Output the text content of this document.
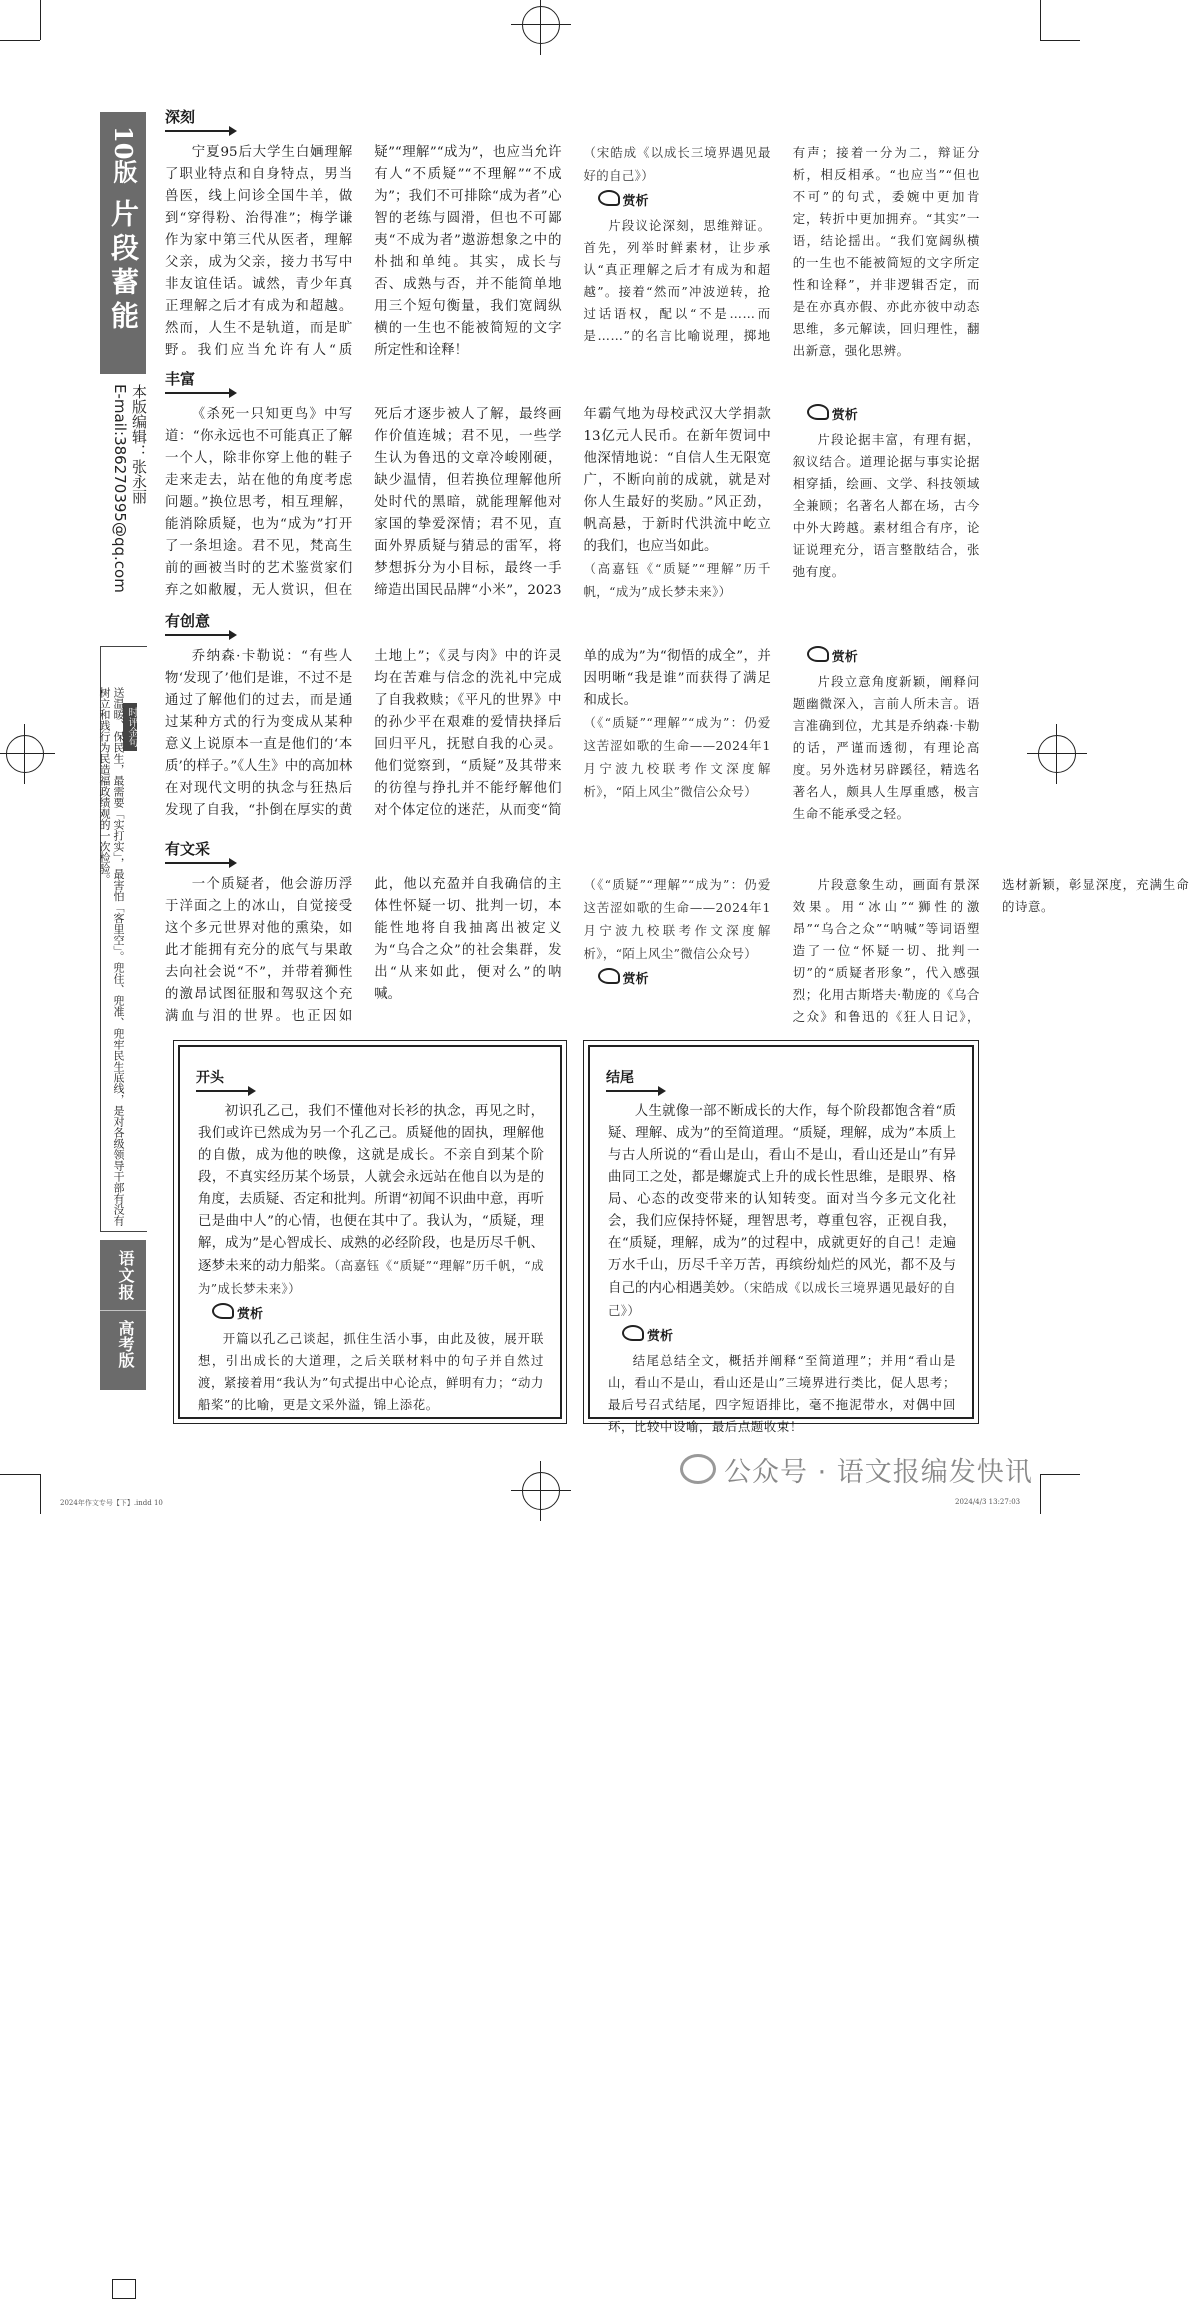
10版
片段蓄能
本版编辑：张永丽
E-mail:386270395@qq.com
时评金句
送温暖、保民生，最需要「实打实」，最害怕「客里空」。兜住、兜准、兜牢民生底线，是对各级领导干部有没有树立和践行为民造福政绩观的一次检验。
语文报
高考版
深刻

宁夏95后大学生白婳理解了职业特点和自身特点，男当兽医，线上问诊全国牛羊，做到“穿得粉、治得准”；梅学谦作为家中第三代从医者，理解父亲，成为父亲，接力书写中非友谊佳话。诚然，青少年真正理解之后才有成为和超越。然而，人生不是轨道，而是旷野。我们应当允许有人“质疑”“理解”“成为”，也应当允许有人“不质疑”“不理解”“不成为”；我们不可排除“成为者”心智的老练与圆滑，但也不可鄙夷“不成为者”遨游想象之中的朴拙和单纯。其实，成长与否、成熟与否，并不能简单地用三个短句衡量，我们宽阔纵横的一生也不能被简短的文字所定性和诠释！

（宋皓成《以成长三境界遇见最好的自己》）
赏析

片段议论深刻，思维辩证。首先，列举时鲜素材，让步承认“真正理解之后才有成为和超越”。接着“然而”冲波逆转，抢过话语权，配以“不是……而是……”的名言比喻说理，掷地有声；接着一分为二，辩证分析，相反相承。“也应当”“但也不可”的句式，委婉中更加肯定，转折中更加拥弃。“其实”一语，结论揺出。“我们宽阔纵横的一生也不能被简短的文字所定性和诠释”，并非逻辑否定，而是在亦真亦假、亦此亦彼中动态思维，多元解读，回归理性，翻出新意，强化思辨。

丰富

《杀死一只知更鸟》中写道：“你永远也不可能真正了解一个人，除非你穿上他的鞋子走来走去，站在他的角度考虑问题。”换位思考，相互理解，能消除质疑，也为“成为”打开了一条坦途。君不见，梵高生前的画被当时的艺术鉴赏家们弃之如敝履，无人赏识，但在死后才逐步被人了解，最终画作价值连城；君不见，一些学生认为鲁迅的文章冷峻刚硬，缺少温情，但若换位理解他所处时代的黑暗，就能理解他对家国的挚爱深情；君不见，直面外界质疑与猜忌的雷军，将梦想拆分为小目标，最终一手缔造出国民品牌“小米”，2023年霸气地为母校武汉大学捐款13亿元人民币。在新年贺词中他深情地说：“自信人生无限宽广，不断向前的成就，就是对你人生最好的奖励。”风正劲，帆高悬，于新时代洪流中屹立的我们，也应当如此。

（高嘉钰《“质疑”“理解”历千帆，“成为”成长梦未来》）
赏析

片段论据丰富，有理有据，叙议结合。道理论据与事实论据相穿插，绘画、文学、科技领域全兼顾；名著名人都在场，古今中外大跨越。素材组合有序，论证说理充分，语言整散结合，张弛有度。

有创意

乔纳森·卡勒说：“有些人物‘发现了’他们是谁，不过不是通过了解他们的过去，而是通过某种方式的行为变成从某种意义上说原本一直是他们的‘本质’的样子。”《人生》中的高加林在对现代文明的执念与狂热后发现了自我，“扑倒在厚实的黄土地上”；《灵与肉》中的许灵均在苦难与信念的洗礼中完成了自我救赎；《平凡的世界》中的孙少平在艰难的爱情抉择后回归平凡，抚慰自我的心灵。他们觉察到，“质疑”及其带来的彷徨与挣扎并不能纾解他们对个体定位的迷茫，从而变“简单的成为”为“彻悟的成全”，并因明晰“我是谁”而获得了满足和成长。

（《“质疑”“理解”“成为”：仍爱这苦涩如歌的生命——2024年1月宁波九校联考作文深度解析》，“陌上风尘”微信公众号）
赏析

片段立意角度新颖，阐释问题幽微深入，言前人所未言。语言准确到位，尤其是乔纳森·卡勒的话，严谨而透彻，有理论高度。另外选材另辟蹊径，精选名著名人，颇具人生厚重感，极言生命不能承受之轻。

有文采

一个质疑者，他会游历浮于洋面之上的冰山，自觉接受这个多元世界对他的熏染，如此才能拥有充分的底气与果敢去向社会说“不”，并带着狮性的激昂试图征服和驾驭这个充满血与泪的世界。也正因如此，他以充盈并自我确信的主体性怀疑一切、批判一切，本能性地将自我抽离出被定义为“乌合之众”的社会集群，发出“从来如此，便对么”的呐喊。

（《“质疑”“理解”“成为”：仍爱这苦涩如歌的生命——2024年1月宁波九校联考作文深度解析》，“陌上风尘”微信公众号）
赏析

片段意象生动，画面有景深效果。用“冰山”“狮性的激昂”“乌合之众”“呐喊”等词语塑造了一位“怀疑一切、批判一切”的“质疑者形象”，代入感强烈；化用古斯塔夫·勒庞的《乌合之众》和鲁迅的《狂人日记》，选材新颖，彰显深度，充满生命的诗意。

开头

初识孔乙己，我们不懂他对长衫的执念，再见之时，我们或许已然成为另一个孔乙己。质疑他的固执，理解他的自傲，成为他的映像，这就是成长。不亲自到某个阶段，不真实经历某个场景，人就会永远站在他自以为是的角度，去质疑、否定和批判。所谓“初闻不识曲中意，再听已是曲中人”的心情，也便在其中了。我认为，“质疑，理解，成为”是心智成长、成熟的必经阶段，也是历尽千帆、逐梦未来的动力船桨。（高嘉钰《“质疑”“理解”历千帆，“成为”成长梦未来》）

赏析

开篇以孔乙己谈起，抓住生活小事，由此及彼，展开联想，引出成长的大道理，之后关联材料中的句子并自然过渡，紧接着用“我认为”句式提出中心论点，鲜明有力；“动力船桨”的比喻，更是文采外溢，锦上添花。

结尾

人生就像一部不断成长的大作，每个阶段都饱含着“质疑、理解、成为”的至简道理。“质疑，理解，成为”本质上与古人所说的“看山是山，看山不是山，看山还是山”有异曲同工之处，都是螺旋式上升的成长性思维，是眼界、格局、心态的改变带来的认知转变。面对当今多元文化社会，我们应保持怀疑，理智思考，尊重包容，正视自我，在“质疑，理解，成为”的过程中，成就更好的自己！走遍万水千山，历尽千辛万苦，再缤纷灿烂的风光，都不及与自己的内心相遇美妙。（宋皓成《以成长三境界遇见最好的自己》）

赏析

结尾总结全文，概括并阐释“至简道理”；并用“看山是山，看山不是山，看山还是山”三境界进行类比，促人思考；最后号召式结尾，四字短语排比，毫不拖泥带水，对偶中回环，比较中设喻，最后点题收束！

公众号 · 语文报编发快讯
2024年作文专号【下】.indd 10	2024/4/3 13:27:03
